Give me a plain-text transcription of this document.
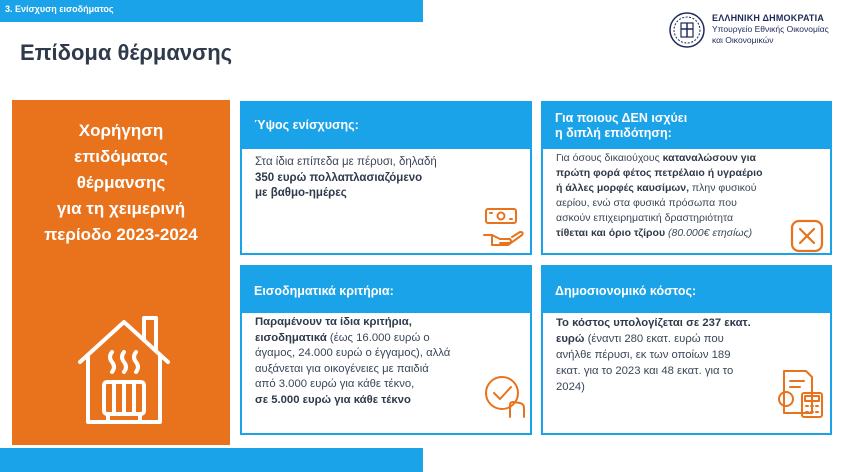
3. Ενίσχυση εισοδήματος
ΕΛΛΗΝΙΚΗ ΔΗΜΟΚΡΑΤΙΑ
Υπουργείο Εθνικής Οικονομίας
και Οικονομικών
Επίδομα θέρμανσης
Χορήγηση
επιδόματος
θέρμανσης
για τη χειμερινή
περίοδο 2023-2024
Ύψος ενίσχυσης:
Στα ίδια επίπεδα με πέρυσι, δηλαδή
350 ευρώ πολλαπλασιαζόμενο
με βαθμο-ημέρες
Για ποιους ΔΕΝ ισχύει
η διπλή επιδότηση:
Για όσους δικαιούχους καταναλώσουν για
πρώτη φορά φέτος πετρέλαιο ή υγραέριο
ή άλλες μορφές καυσίμων, πλην φυσικού
αερίου, ενώ στα φυσικά πρόσωπα που
ασκούν επιχειρηματική δραστηριότητα
τίθεται και όριο τζίρου (80.000€ ετησίως)
Εισοδηματικά κριτήρια:
Παραμένουν τα ίδια κριτήρια,
εισοδηματικά (έως 16.000 ευρώ ο
άγαμος, 24.000 ευρώ ο έγγαμος), αλλά
αυξάνεται για οικογένειες με παιδιά
από 3.000 ευρώ για κάθε τέκνο,
σε 5.000 ευρώ για κάθε τέκνο
Δημοσιονομικό κόστος:
Το κόστος υπολογίζεται σε 237 εκατ.
ευρώ (έναντι 280 εκατ. ευρώ που
ανήλθε πέρυσι, εκ των οποίων 189
εκατ. για το 2023 και 48 εκατ. για το
2024)
